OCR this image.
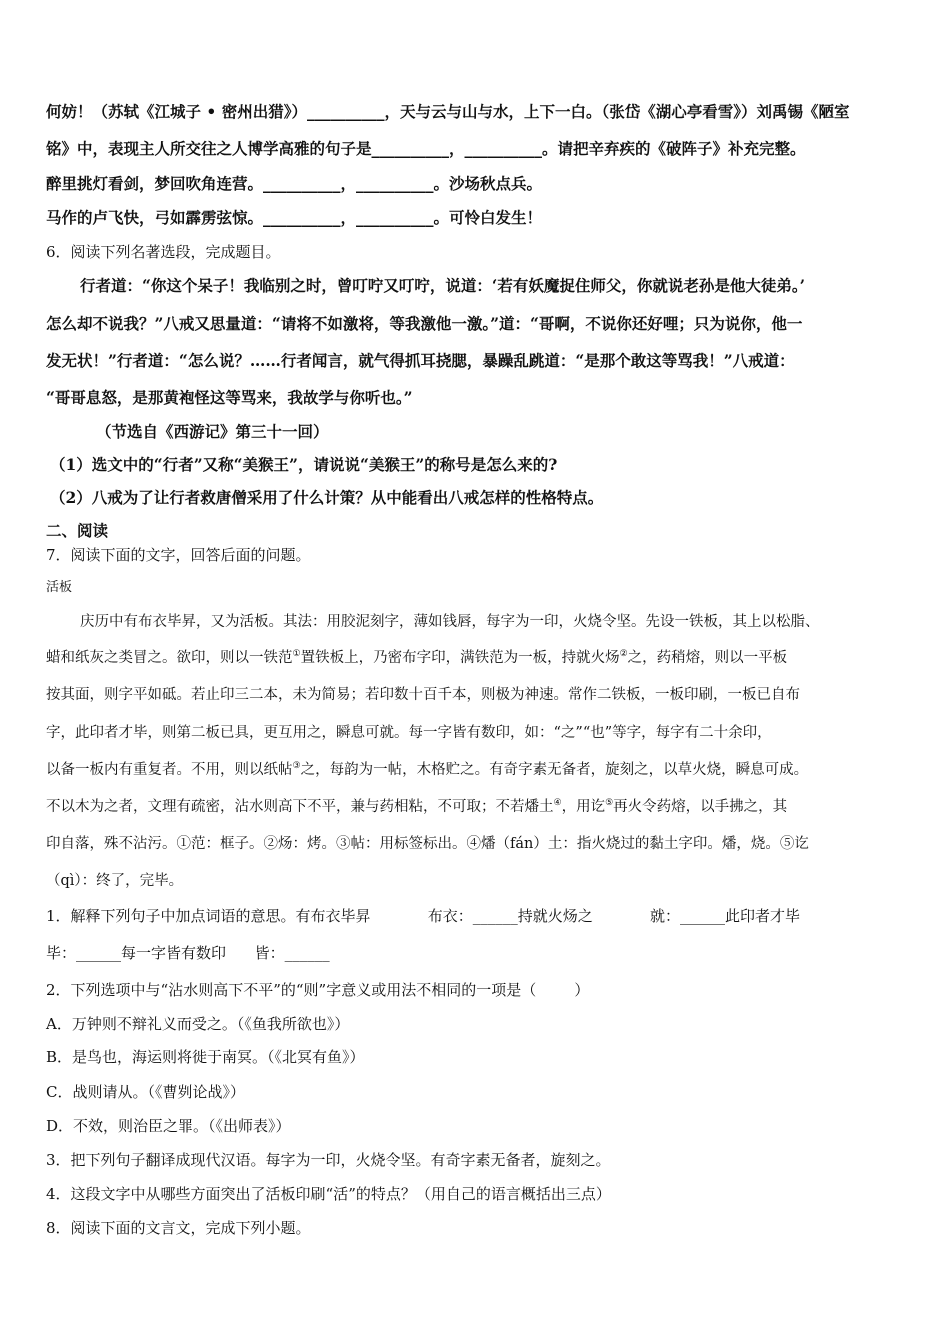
何妨！（苏轼《江城子 • 密州出猎》）__________，天与云与山与水，上下一白。（张岱《湖心亭看雪》）刘禹锡《陋室
铭》中，表现主人所交往之人博学高雅的句子是__________，__________。请把辛弃疾的《破阵子》补充完整。
醉里挑灯看剑，梦回吹角连营。__________，__________。沙场秋点兵。
马作的卢飞快，弓如霹雳弦惊。__________，__________。可怜白发生！
6．阅读下列名著选段，完成题目。
行者道：“你这个呆子！我临别之时，曾叮咛又叮咛，说道：‘若有妖魔捉住师父，你就说老孙是他大徒弟。’
怎么却不说我？”八戒又思量道：“请将不如激将，等我激他一激。”道：“哥啊，不说你还好哩；只为说你，他一
发无状！”行者道：“怎么说？……行者闻言，就气得抓耳挠腮，暴躁乱跳道：“是那个敢这等骂我！”八戒道：
“哥哥息怒，是那黄袍怪这等骂来，我故学与你听也。”
（节选自《西游记》第三十一回）
（1）选文中的“行者”又称“美猴王”，请说说“美猴王”的称号是怎么来的?
（2）八戒为了让行者救唐僧采用了什么计策？从中能看出八戒怎样的性格特点。
二、阅读
7．阅读下面的文字，回答后面的问题。
活板
庆历中有布衣毕昇，又为活板。其法：用胶泥刻字，薄如钱唇，每字为一印，火烧令坚。先设一铁板，其上以松脂、
蜡和纸灰之类冒之。欲印，则以一铁范①置铁板上，乃密布字印，满铁范为一板，持就火炀②之，药稍熔，则以一平板
按其面，则字平如砥。若止印三二本，未为简易；若印数十百千本，则极为神速。常作二铁板，一板印刷，一板已自布
字，此印者才毕，则第二板已具，更互用之，瞬息可就。每一字皆有数印，如：“之”“也”等字，每字有二十余印，
以备一板内有重复者。不用，则以纸帖③之，每韵为一帖，木格贮之。有奇字素无备者，旋刻之，以草火烧，瞬息可成。
不以木为之者，文理有疏密，沾水则高下不平，兼与药相粘，不可取；不若燔土④，用讫⑤再火令药熔，以手拂之，其
印自落，殊不沾污。①范：框子。②炀：烤。③帖：用标签标出。④燔（fán）土：指火烧过的黏土字印。燔，烧。⑤讫
（qì）：终了，完毕。
1．解释下列句子中加点词语的意思。有布衣毕昇            布衣：______持就火炀之            就：______此印者才毕
毕：______每一字皆有数印      皆：______
2．下列选项中与“沾水则高下不平”的“则”字意义或用法不相同的一项是（        ）
A．万钟则不辩礼义而受之。（《鱼我所欲也》）
B．是鸟也，海运则将徙于南冥。（《北冥有鱼》）
C．战则请从。（《曹刿论战》）
D．不效，则治臣之罪。（《出师表》）
3．把下列句子翻译成现代汉语。每字为一印，火烧令坚。有奇字素无备者，旋刻之。
4．这段文字中从哪些方面突出了活板印刷“活”的特点？（用自己的语言概括出三点）
8．阅读下面的文言文，完成下列小题。
